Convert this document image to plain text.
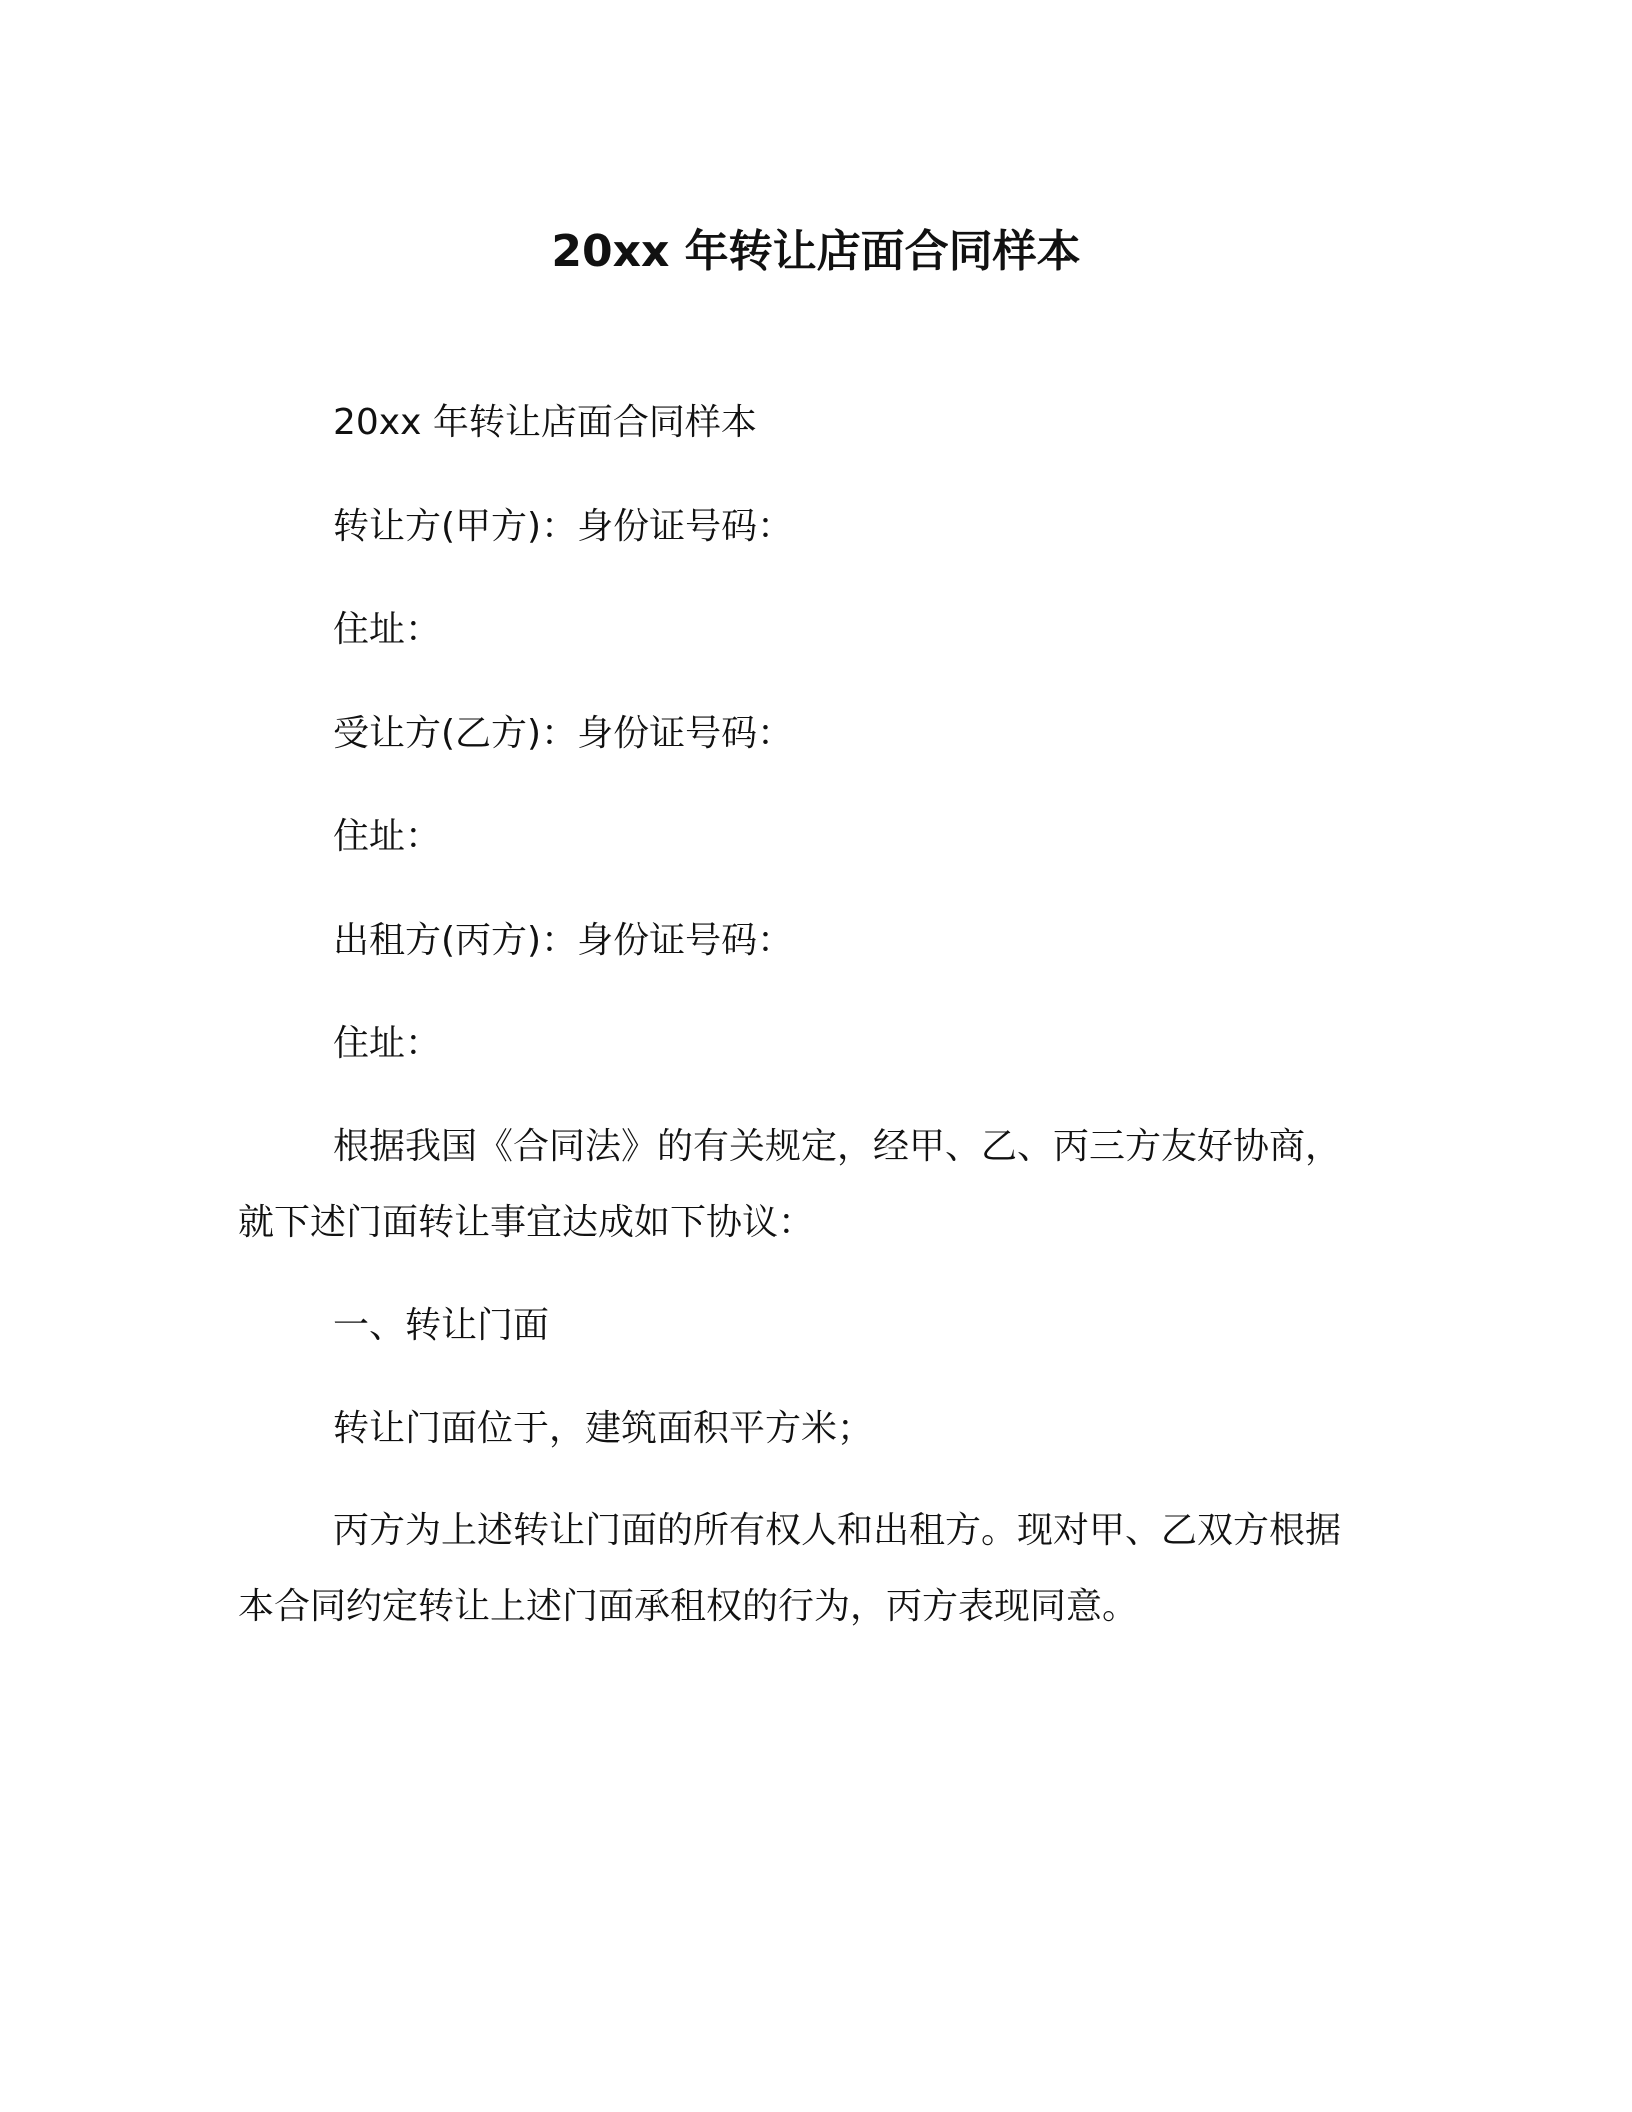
20xx 年转让店面合同样本
20xx 年转让店面合同样本
转让方(甲方)：身份证号码：
住址：
受让方(乙方)：身份证号码：
住址：
出租方(丙方)：身份证号码：
住址：
根据我国《合同法》的有关规定，经甲、乙、丙三方友好协商，
就下述门面转让事宜达成如下协议：
一、转让门面
转让门面位于，建筑面积平方米；
丙方为上述转让门面的所有权人和出租方。现对甲、乙双方根据
本合同约定转让上述门面承租权的行为，丙方表现同意。
